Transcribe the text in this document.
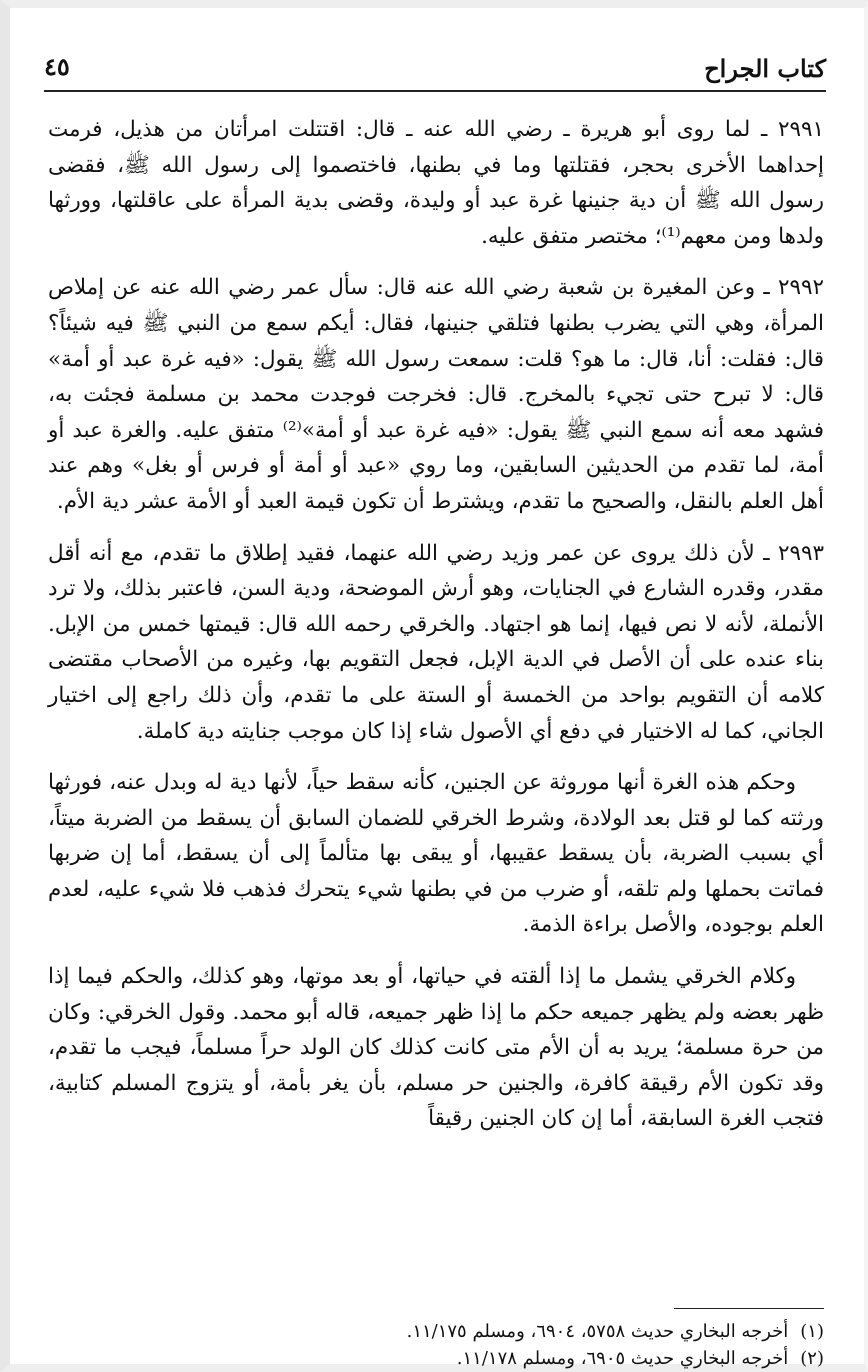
كتاب الجراح
٤٥

٢٩٩١ ـ لما روى أبو هريرة ـ رضي الله عنه ـ قال: اقتتلت امرأتان من هذيل، فرمت إحداهما الأخرى بحجر، فقتلتها وما في بطنها، فاختصموا إلى رسول الله ﷺ، فقضى رسول الله ﷺ أن دية جنينها غرة عبد أو وليدة، وقضى بدية المرأة على عاقلتها، وورثها ولدها ومن معهم⁽¹⁾؛ مختصر متفق عليه.

٢٩٩٢ ـ وعن المغيرة بن شعبة رضي الله عنه قال: سأل عمر رضي الله عنه عن إملاص المرأة، وهي التي يضرب بطنها فتلقي جنينها، فقال: أيكم سمع من النبي ﷺ فيه شيئاً؟ قال: فقلت: أنا، قال: ما هو؟ قلت: سمعت رسول الله ﷺ يقول: «فيه غرة عبد أو أمة» قال: لا تبرح حتى تجيء بالمخرج. قال: فخرجت فوجدت محمد بن مسلمة فجئت به، فشهد معه أنه سمع النبي ﷺ يقول: «فيه غرة عبد أو أمة»⁽²⁾ متفق عليه. والغرة عبد أو أمة، لما تقدم من الحديثين السابقين، وما روي «عبد أو أمة أو فرس أو بغل» وهم عند أهل العلم بالنقل، والصحيح ما تقدم، ويشترط أن تكون قيمة العبد أو الأمة عشر دية الأم.

٢٩٩٣ ـ لأن ذلك يروى عن عمر وزيد رضي الله عنهما، فقيد إطلاق ما تقدم، مع أنه أقل مقدر، وقدره الشارع في الجنايات، وهو أرش الموضحة، ودية السن، فاعتبر بذلك، ولا ترد الأنملة، لأنه لا نص فيها، إنما هو اجتهاد. والخرقي رحمه الله قال: قيمتها خمس من الإبل. بناء عنده على أن الأصل في الدية الإبل، فجعل التقويم بها، وغيره من الأصحاب مقتضى كلامه أن التقويم بواحد من الخمسة أو الستة على ما تقدم، وأن ذلك راجع إلى اختيار الجاني، كما له الاختيار في دفع أي الأصول شاء إذا كان موجب جنايته دية كاملة.

وحكم هذه الغرة أنها موروثة عن الجنين، كأنه سقط حياً، لأنها دية له وبدل عنه، فورثها ورثته كما لو قتل بعد الولادة، وشرط الخرقي للضمان السابق أن يسقط من الضربة ميتاً، أي بسبب الضربة، بأن يسقط عقيبها، أو يبقى بها متألماً إلى أن يسقط، أما إن ضربها فماتت بحملها ولم تلقه، أو ضرب من في بطنها شيء يتحرك فذهب فلا شيء عليه، لعدم العلم بوجوده، والأصل براءة الذمة.

وكلام الخرقي يشمل ما إذا ألقته في حياتها، أو بعد موتها، وهو كذلك، والحكم فيما إذا ظهر بعضه ولم يظهر جميعه حكم ما إذا ظهر جميعه، قاله أبو محمد. وقول الخرقي: وكان من حرة مسلمة؛ يريد به أن الأم متى كانت كذلك كان الولد حراً مسلماً، فيجب ما تقدم، وقد تكون الأم رقيقة كافرة، والجنين حر مسلم، بأن يغر بأمة، أو يتزوج المسلم كتابية، فتجب الغرة السابقة، أما إن كان الجنين رقيقاً

(١)أخرجه البخاري حديث ٥٧٥٨، ٦٩٠٤، ومسلم ١١/١٧٥.
(٢)أخرجه البخاري حديث ٦٩٠٥، ومسلم ١١/١٧٨.
